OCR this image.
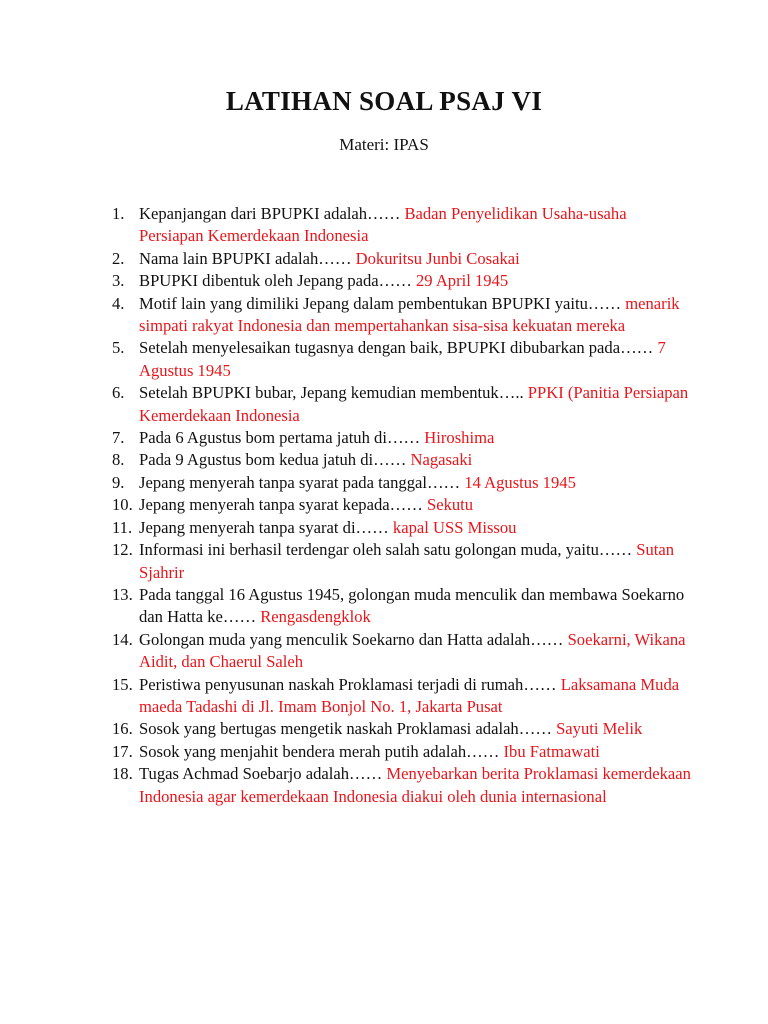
LATIHAN SOAL PSAJ VI
Materi: IPAS
1. Kepanjangan dari BPUPKI adalah…… Badan Penyelidikan Usaha-usaha Persiapan Kemerdekaan Indonesia
2. Nama lain BPUPKI adalah…… Dokuritsu Junbi Cosakai
3. BPUPKI dibentuk oleh Jepang pada…… 29 April 1945
4. Motif lain yang dimiliki Jepang dalam pembentukan BPUPKI yaitu…… menarik simpati rakyat Indonesia dan mempertahankan sisa-sisa kekuatan mereka
5. Setelah menyelesaikan tugasnya dengan baik, BPUPKI dibubarkan pada…… 7 Agustus 1945
6. Setelah BPUPKI bubar, Jepang kemudian membentuk….. PPKI (Panitia Persiapan Kemerdekaan Indonesia
7. Pada 6 Agustus bom pertama jatuh di…… Hiroshima
8. Pada 9 Agustus bom kedua jatuh di…… Nagasaki
9. Jepang menyerah tanpa syarat pada tanggal…… 14 Agustus 1945
10. Jepang menyerah tanpa syarat kepada…… Sekutu
11. Jepang menyerah tanpa syarat di…… kapal USS Missou
12. Informasi ini berhasil terdengar oleh salah satu golongan muda, yaitu…… Sutan Sjahrir
13. Pada tanggal 16 Agustus 1945, golongan muda menculik dan membawa Soekarno dan Hatta ke…… Rengasdengklok
14. Golongan muda yang menculik Soekarno dan Hatta adalah…… Soekarni, Wikana Aidit, dan Chaerul Saleh
15. Peristiwa penyusunan naskah Proklamasi terjadi di rumah…… Laksamana Muda maeda Tadashi di Jl. Imam Bonjol No. 1, Jakarta Pusat
16. Sosok yang bertugas mengetik naskah Proklamasi adalah…… Sayuti Melik
17. Sosok yang menjahit bendera merah putih adalah…… Ibu Fatmawati
18. Tugas Achmad Soebarjo adalah…… Menyebarkan berita Proklamasi kemerdekaan Indonesia agar kemerdekaan Indonesia diakui oleh dunia internasional
